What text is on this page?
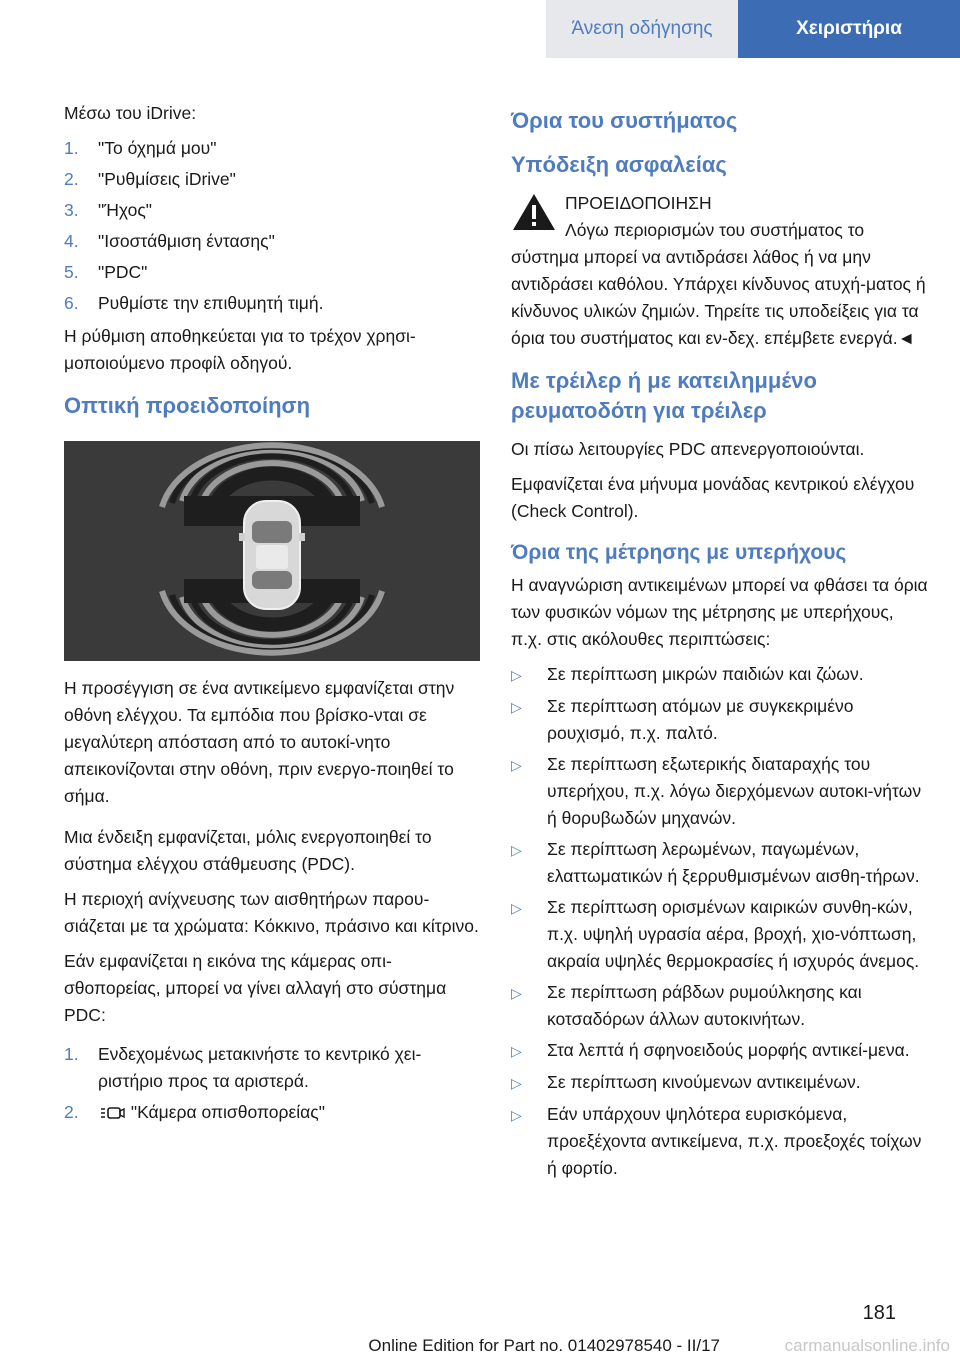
Άνεση οδήγησης	Χειριστήρια

Μέσω του iDrive:

1.	"Το όχημά μου"
2.	"Ρυθμίσεις iDrive"
3.	"Ήχος"
4.	"Ισοστάθμιση έντασης"
5.	"PDC"
6.	Ρυθμίστε την επιθυμητή τιμή.

Η ρύθμιση αποθηκεύεται για το τρέχον χρησι-μοποιούμενο προφίλ οδηγού.

Οπτική προειδοποίηση

Η προσέγγιση σε ένα αντικείμενο εμφανίζεται στην οθόνη ελέγχου. Τα εμπόδια που βρίσκο-νται σε μεγαλύτερη απόσταση από το αυτοκί-νητο απεικονίζονται στην οθόνη, πριν ενεργο-ποιηθεί το σήμα.

Μια ένδειξη εμφανίζεται, μόλις ενεργοποιηθεί το σύστημα ελέγχου στάθμευσης (PDC).

Η περιοχή ανίχνευσης των αισθητήρων παρου-σιάζεται με τα χρώματα: Κόκκινο, πράσινο και κίτρινο.

Εάν εμφανίζεται η εικόνα της κάμερας οπι-σθοπορείας, μπορεί να γίνει αλλαγή στο σύστημα PDC:

1.	Ενδεχομένως μετακινήστε το κεντρικό χει-ριστήριο προς τα αριστερά.
2.	"Κάμερα οπισθοπορείας"
Όρια του συστήματος
Υπόδειξη ασφαλείας
ΠΡΟΕΙΔΟΠΟΙΗΣΗ
Λόγω περιορισμών του συστήματος το
σύστημα μπορεί να αντιδράσει λάθος ή να μην αντιδράσει καθόλου. Υπάρχει κίνδυνος ατυχή-ματος ή κίνδυνος υλικών ζημιών. Τηρείτε τις υποδείξεις για τα όρια του συστήματος και εν-δεχ. επέμβετε ενεργά.◄
Με τρέιλερ ή με κατειλημμένο ρευματοδότη για τρέιλερ

Οι πίσω λειτουργίες PDC απενεργοποιούνται.

Εμφανίζεται ένα μήνυμα μονάδας κεντρικού ελέγχου (Check Control).

Όρια της μέτρησης με υπερήχους

Η αναγνώριση αντικειμένων μπορεί να φθάσει τα όρια των φυσικών νόμων της μέτρησης με υπερήχους, π.χ. στις ακόλουθες περιπτώσεις:

▷	Σε περίπτωση μικρών παιδιών και ζώων.
▷	Σε περίπτωση ατόμων με συγκεκριμένο ρουχισμό, π.χ. παλτό.
▷	Σε περίπτωση εξωτερικής διαταραχής του υπερήχου, π.χ. λόγω διερχόμενων αυτοκι-νήτων ή θορυβωδών μηχανών.
▷	Σε περίπτωση λερωμένων, παγωμένων, ελαττωματικών ή ξερρυθμισμένων αισθη-τήρων.
▷	Σε περίπτωση ορισμένων καιρικών συνθη-κών, π.χ. υψηλή υγρασία αέρα, βροχή, χιο-νόπτωση, ακραία υψηλές θερμοκρασίες ή ισχυρός άνεμος.
▷	Σε περίπτωση ράβδων ρυμούλκησης και κοτσαδόρων άλλων αυτοκινήτων.
▷	Στα λεπτά ή σφηνοειδούς μορφής αντικεί-μενα.
▷	Σε περίπτωση κινούμενων αντικειμένων.
▷	Εάν υπάρχουν ψηλότερα ευρισκόμενα, προεξέχοντα αντικείμενα, π.χ. προεξοχές τοίχων ή φορτίο.
181
Online Edition for Part no. 01402978540 - II/17	carmanualsonline.info
